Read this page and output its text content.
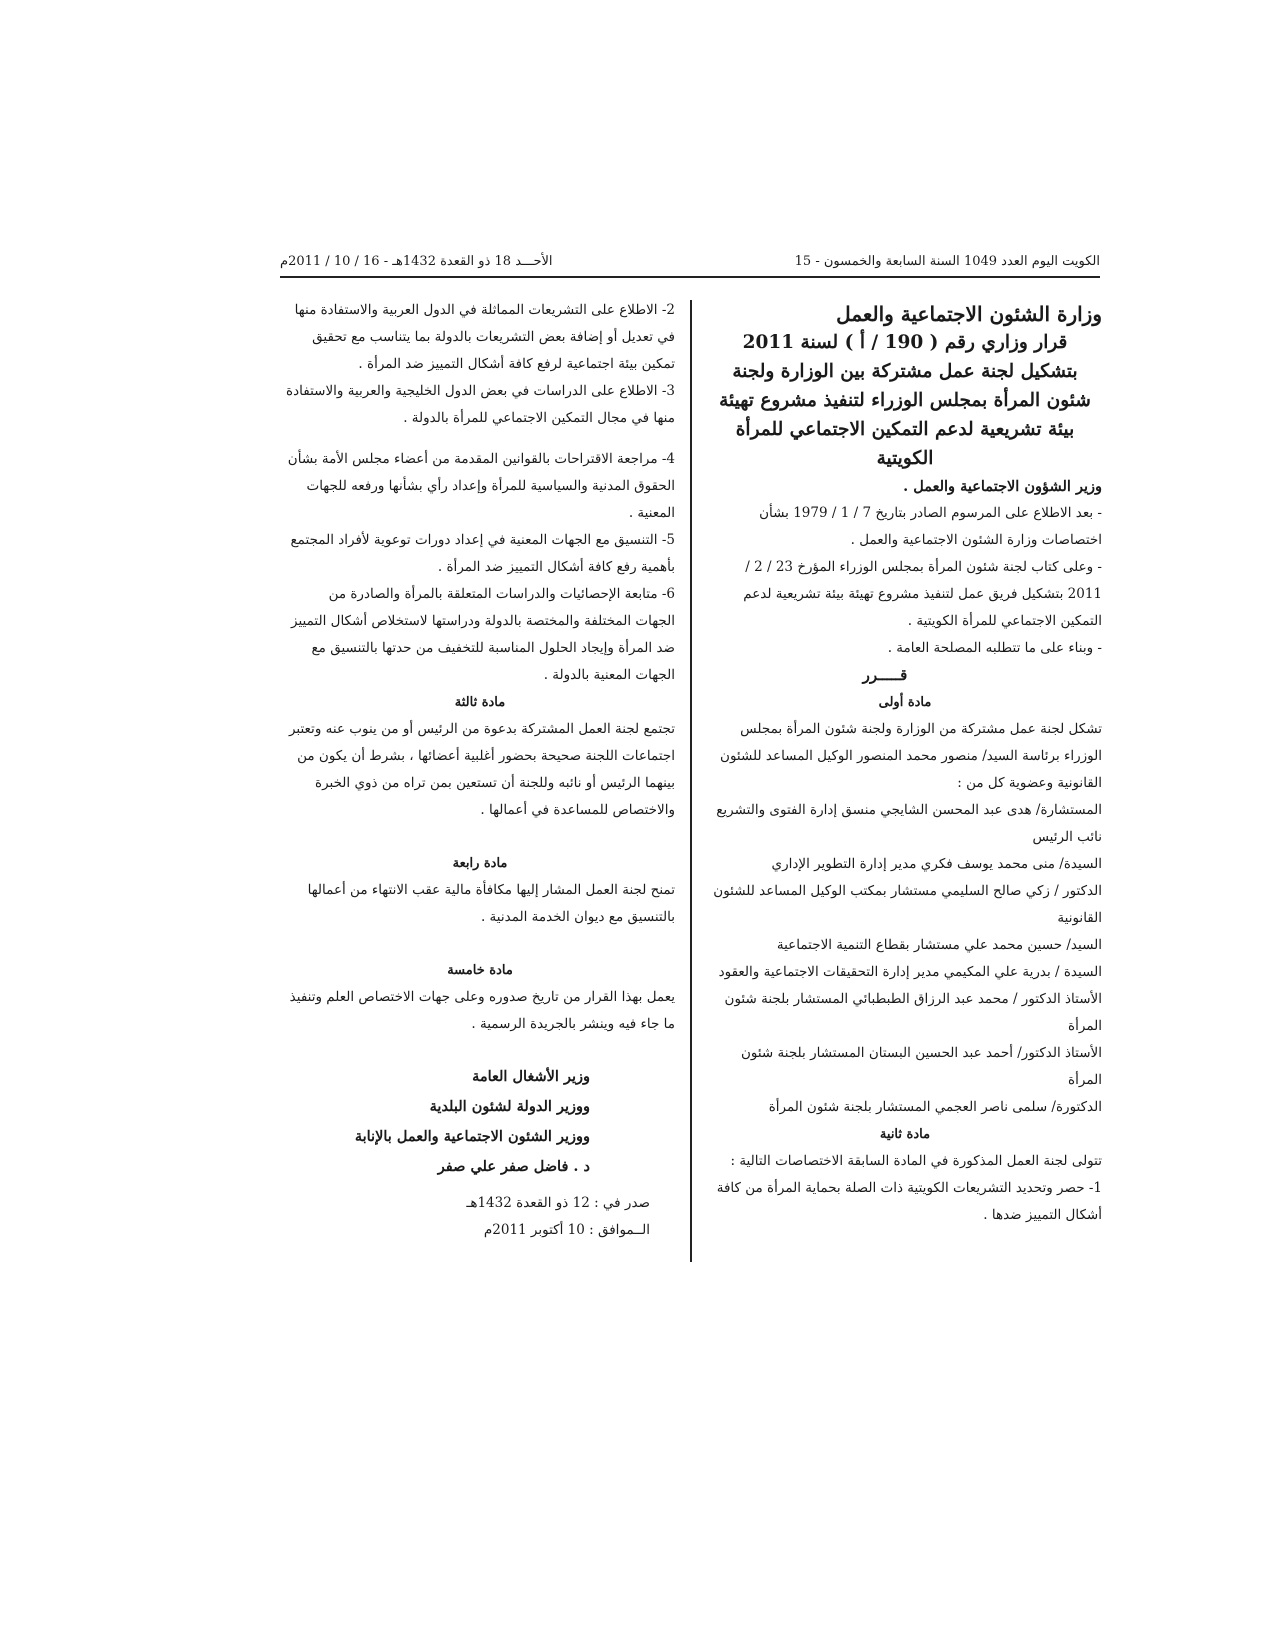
الكويت اليوم العدد 1049 السنة السابعة والخمسون - 15
الأحـــد 18 ذو القعدة 1432هـ - 16 / 10 / 2011م

وزارة الشئون الاجتماعية والعمل

قرار وزاري رقم ( 190 / أ ) لسنة 2011

بتشكيل لجنة عمل مشتركة بين الوزارة ولجنة

شئون المرأة بمجلس الوزراء لتنفيذ مشروع تهيئة

بيئة تشريعية لدعم التمكين الاجتماعي للمرأة

الكويتية

وزير الشؤون الاجتماعية والعمل .

- بعد الاطلاع على المرسوم الصادر بتاريخ 7 / 1 / 1979 بشأن اختصاصات وزارة الشئون الاجتماعية والعمل .

- وعلى كتاب لجنة شئون المرأة بمجلس الوزراء المؤرخ 23 / 2 / 2011 بتشكيل فريق عمل لتنفيذ مشروع تهيئة بيئة تشريعية لدعم التمكين الاجتماعي للمرأة الكويتية .

- وبناء على ما تتطلبه المصلحة العامة .

قـــــرر

مادة أولى

تشكل لجنة عمل مشتركة من الوزارة ولجنة شئون المرأة بمجلس الوزراء برئاسة السيد/ منصور محمد المنصور الوكيل المساعد للشئون القانونية وعضوية كل من :

المستشارة/ هدى عبد المحسن الشايجي منسق إدارة الفتوى والتشريع نائب الرئيس

السيدة/ منى محمد يوسف فكري مدير إدارة التطوير الإداري

الدكتور / زكي صالح السليمي مستشار بمكتب الوكيل المساعد للشئون القانونية

السيد/ حسين محمد علي مستشار بقطاع التنمية الاجتماعية

السيدة / بدرية علي المكيمي مدير إدارة التحقيقات الاجتماعية والعقود

الأستاذ الدكتور / محمد عبد الرزاق الطبطبائي المستشار بلجنة شئون المرأة

الأستاذ الدكتور/ أحمد عبد الحسين البستان المستشار بلجنة شئون المرأة

الدكتورة/ سلمى ناصر العجمي المستشار بلجنة شئون المرأة

مادة ثانية

تتولى لجنة العمل المذكورة في المادة السابقة الاختصاصات التالية :

1- حصر وتحديد التشريعات الكويتية ذات الصلة بحماية المرأة من كافة أشكال التمييز ضدها .

2- الاطلاع على التشريعات المماثلة في الدول العربية والاستفادة منها في تعديل أو إضافة بعض التشريعات بالدولة بما يتناسب مع تحقيق تمكين بيئة اجتماعية لرفع كافة أشكال التمييز ضد المرأة .

3- الاطلاع على الدراسات في بعض الدول الخليجية والعربية والاستفادة منها في مجال التمكين الاجتماعي للمرأة بالدولة .

4- مراجعة الاقتراحات بالقوانين المقدمة من أعضاء مجلس الأمة بشأن الحقوق المدنية والسياسية للمرأة وإعداد رأي بشأنها ورفعه للجهات المعنية .

5- التنسيق مع الجهات المعنية في إعداد دورات توعوية لأفراد المجتمع بأهمية رفع كافة أشكال التمييز ضد المرأة .

6- متابعة الإحصائيات والدراسات المتعلقة بالمرأة والصادرة من الجهات المختلفة والمختصة بالدولة ودراستها لاستخلاص أشكال التمييز ضد المرأة وإيجاد الحلول المناسبة للتخفيف من حدتها بالتنسيق مع الجهات المعنية بالدولة .

مادة ثالثة

تجتمع لجنة العمل المشتركة بدعوة من الرئيس أو من ينوب عنه وتعتبر اجتماعات اللجنة صحيحة بحضور أغلبية أعضائها ، بشرط أن يكون من بينهما الرئيس أو نائبه وللجنة أن تستعين بمن تراه من ذوي الخبرة والاختصاص للمساعدة في أعمالها .

مادة رابعة

تمنح لجنة العمل المشار إليها مكافأة مالية عقب الانتهاء من أعمالها بالتنسيق مع ديوان الخدمة المدنية .

مادة خامسة

يعمل بهذا القرار من تاريخ صدوره وعلى جهات الاختصاص العلم وتنفيذ ما جاء فيه وينشر بالجريدة الرسمية .

وزير الأشغال العامة

ووزير الدولة لشئون البلدية

ووزير الشئون الاجتماعية والعمل بالإنابة

د . فاضل صفر علي صفر

صدر في : 12 ذو القعدة 1432هـ

الــموافق : 10 أكتوبر 2011م
